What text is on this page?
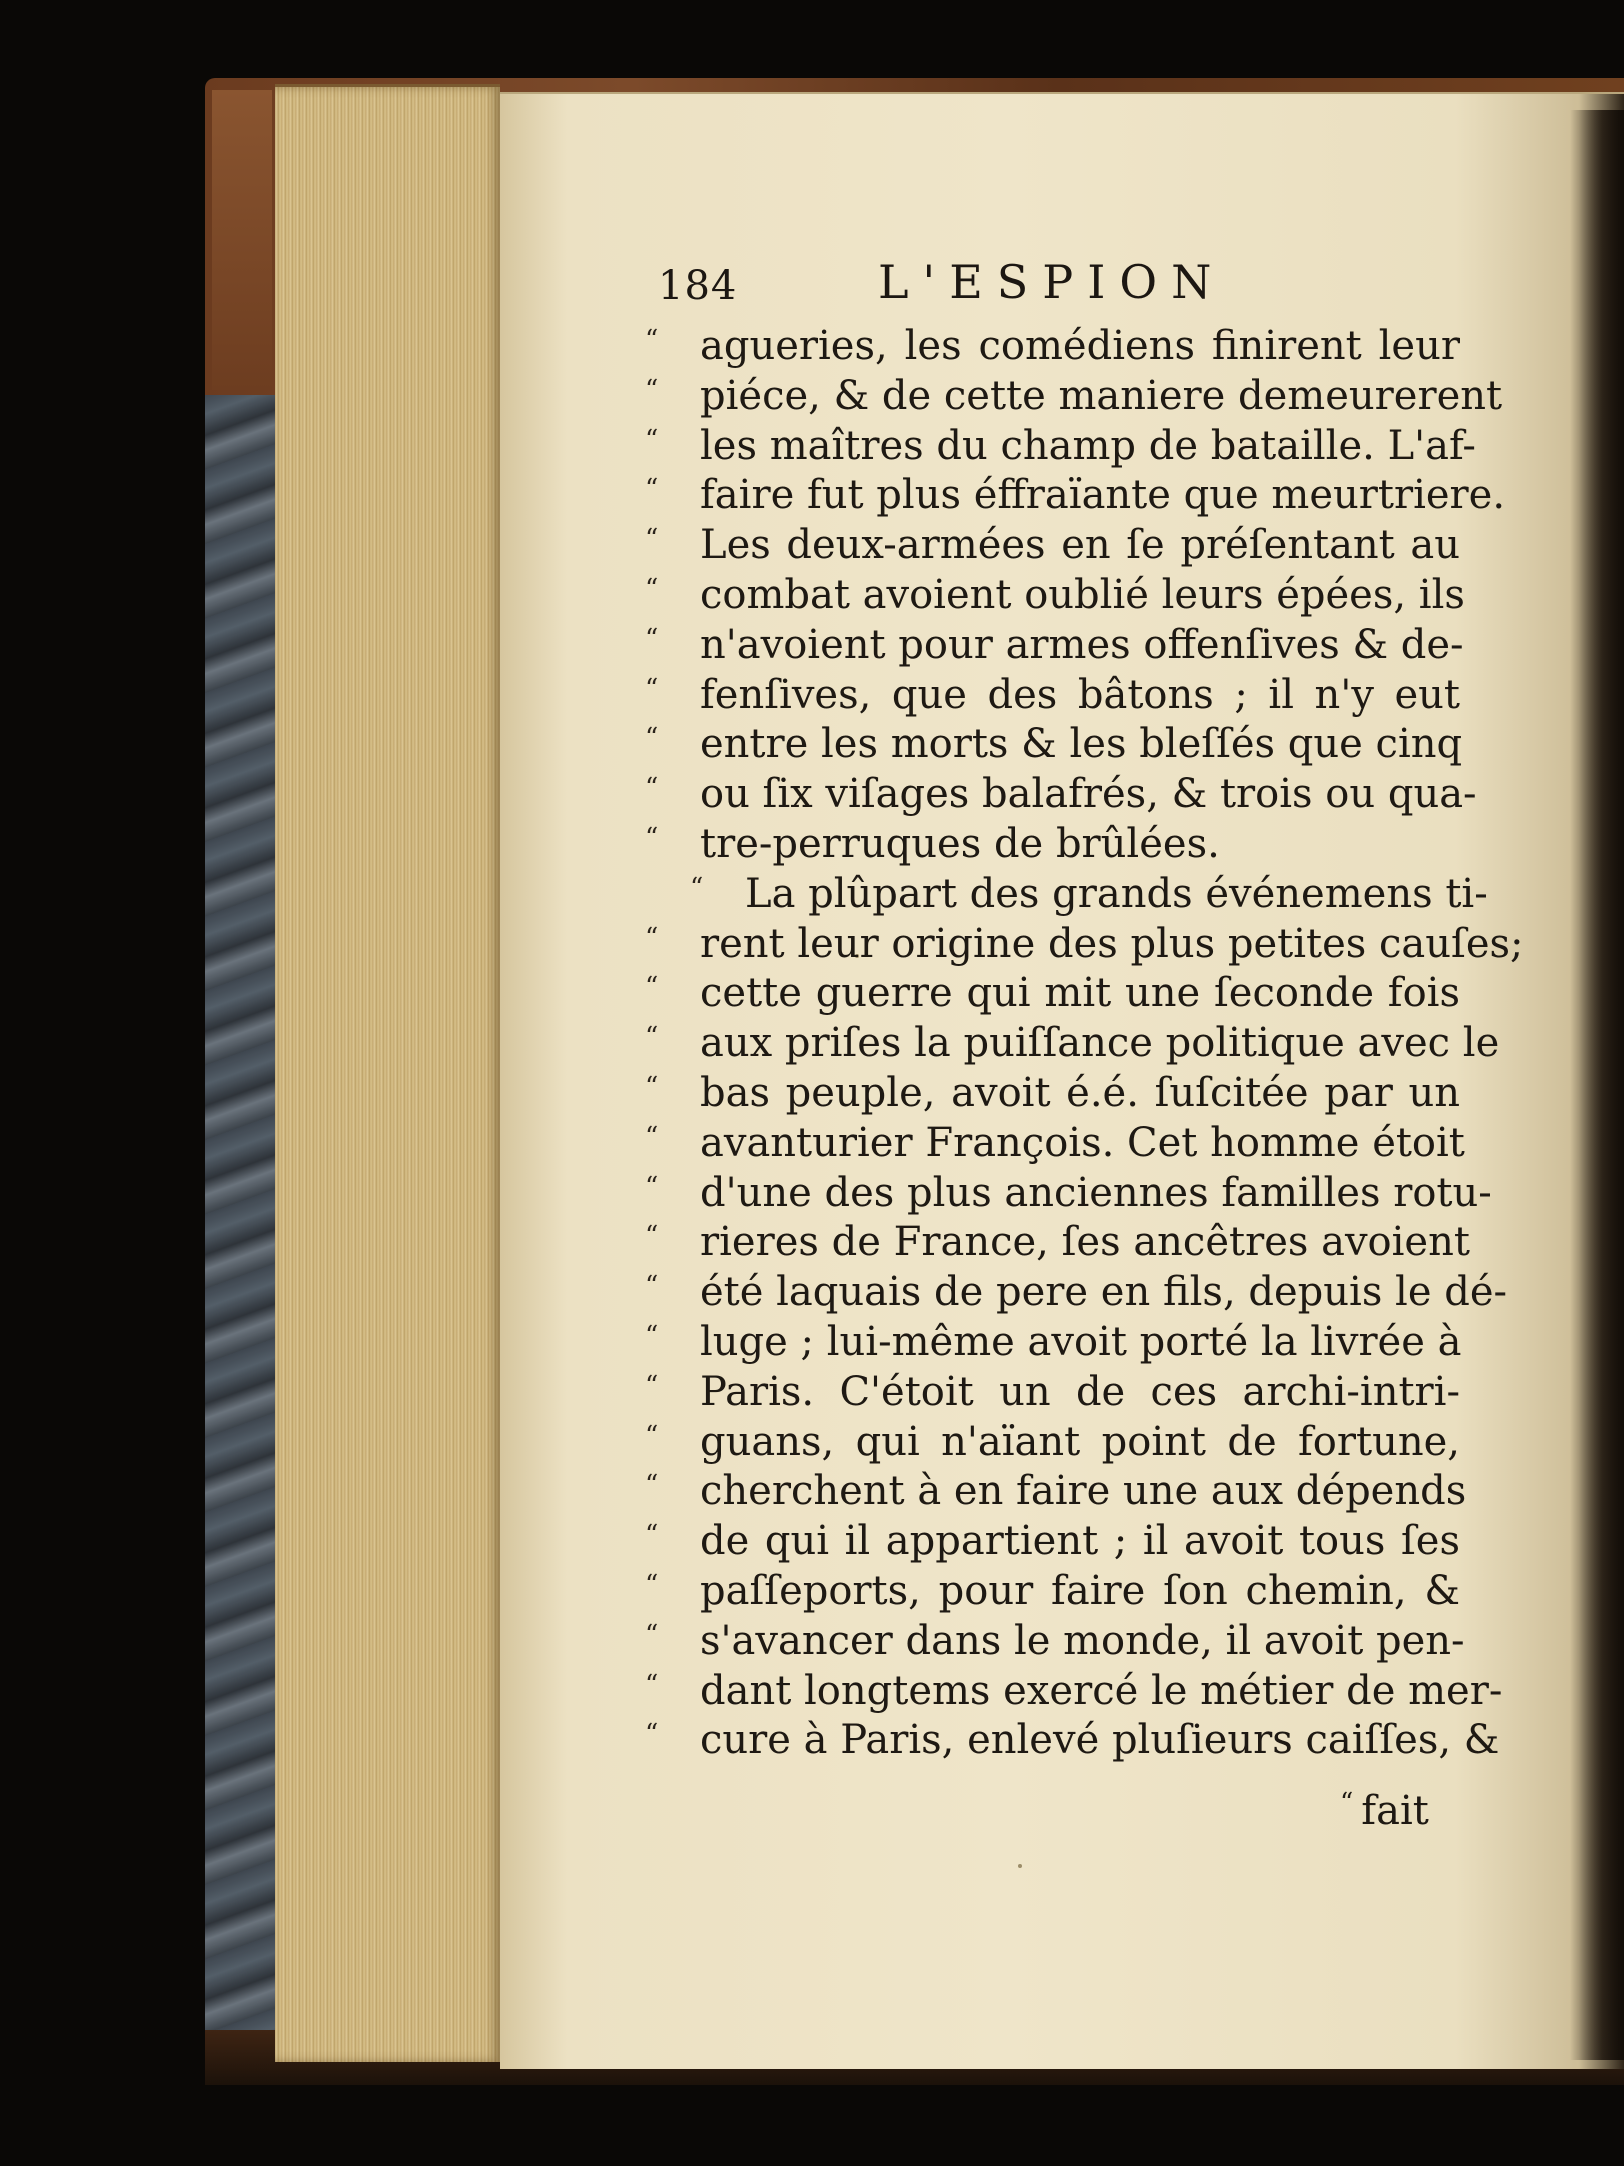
184	L'ESPION
“ agueries, les comédiens finirent leur
“ piéce, & de cette maniere demeurerent
“ les maîtres du champ de bataille. L'af-
“ faire fut plus éffraïante que meurtriere.
“ Les deux-armées en ſe préſentant au
“ combat avoient oublié leurs épées, ils
“ n'avoient pour armes offenſives & de-
“ fenſives, que des bâtons ; il n'y eut
“ entre les morts & les bleſſés que cinq
“ ou ſix viſages balafrés, & trois ou qua-
“ tre-perruques de brûlées.
“ La plûpart des grands événemens ti-
“ rent leur origine des plus petites cauſes;
“ cette guerre qui mit une ſeconde fois
“ aux priſes la puiſſance politique avec le
“ bas peuple, avoit é.é. ſuſcitée par un
“ avanturier François. Cet homme étoit
“ d'une des plus anciennes familles rotu-
“ rieres de France, ſes ancêtres avoient
“ été laquais de pere en fils, depuis le dé-
“ luge ; lui-même avoit porté la livrée à
“ Paris. C'étoit un de ces archi-intri-
“ guans, qui n'aïant point de fortune,
“ cherchent à en faire une aux dépends
“ de qui il appartient ; il avoit tous ſes
“ paſſeports, pour faire ſon chemin, &
“ s'avancer dans le monde, il avoit pen-
“ dant longtems exercé le métier de mer-
“ cure à Paris, enlevé pluſieurs caiſſes, &
“ fait
